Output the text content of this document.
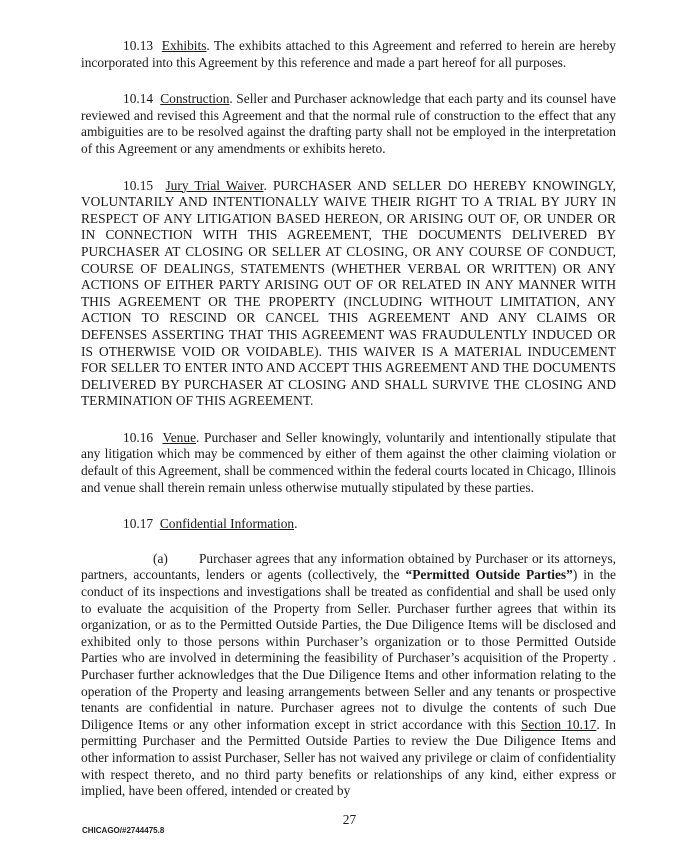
10.13 Exhibits. The exhibits attached to this Agreement and referred to herein are hereby incorporated into this Agreement by this reference and made a part hereof for all purposes.

10.14 Construction. Seller and Purchaser acknowledge that each party and its counsel have reviewed and revised this Agreement and that the normal rule of construction to the effect that any ambiguities are to be resolved against the drafting party shall not be employed in the interpretation of this Agreement or any amendments or exhibits hereto.

10.15 Jury Trial Waiver. PURCHASER AND SELLER DO HEREBY KNOWINGLY, VOLUNTARILY AND INTENTIONALLY WAIVE THEIR RIGHT TO A TRIAL BY JURY IN RESPECT OF ANY LITIGATION BASED HEREON, OR ARISING OUT OF, OR UNDER OR IN CONNECTION WITH THIS AGREEMENT, THE DOCUMENTS DELIVERED BY PURCHASER AT CLOSING OR SELLER AT CLOSING, OR ANY COURSE OF CONDUCT, COURSE OF DEALINGS, STATEMENTS (WHETHER VERBAL OR WRITTEN) OR ANY ACTIONS OF EITHER PARTY ARISING OUT OF OR RELATED IN ANY MANNER WITH THIS AGREEMENT OR THE PROPERTY (INCLUDING WITHOUT LIMITATION, ANY ACTION TO RESCIND OR CANCEL THIS AGREEMENT AND ANY CLAIMS OR DEFENSES ASSERTING THAT THIS AGREEMENT WAS FRAUDULENTLY INDUCED OR IS OTHERWISE VOID OR VOIDABLE). THIS WAIVER IS A MATERIAL INDUCEMENT FOR SELLER TO ENTER INTO AND ACCEPT THIS AGREEMENT AND THE DOCUMENTS DELIVERED BY PURCHASER AT CLOSING AND SHALL SURVIVE THE CLOSING AND TERMINATION OF THIS AGREEMENT.

10.16 Venue. Purchaser and Seller knowingly, voluntarily and intentionally stipulate that any litigation which may be commenced by either of them against the other claiming violation or default of this Agreement, shall be commenced within the federal courts located in Chicago, Illinois and venue shall therein remain unless otherwise mutually stipulated by these parties.

10.17 Confidential Information.

(a) Purchaser agrees that any information obtained by Purchaser or its attorneys, partners, accountants, lenders or agents (collectively, the “Permitted Outside Parties”) in the conduct of its inspections and investigations shall be treated as confidential and shall be used only to evaluate the acquisition of the Property from Seller. Purchaser further agrees that within its organization, or as to the Permitted Outside Parties, the Due Diligence Items will be disclosed and exhibited only to those persons within Purchaser’s organization or to those Permitted Outside Parties who are involved in determining the feasibility of Purchaser’s acquisition of the Property . Purchaser further acknowledges that the Due Diligence Items and other information relating to the operation of the Property and leasing arrangements between Seller and any tenants or prospective tenants are confidential in nature. Purchaser agrees not to divulge the contents of such Due Diligence Items or any other information except in strict accordance with this Section 10.17. In permitting Purchaser and the Permitted Outside Parties to review the Due Diligence Items and other information to assist Purchaser, Seller has not waived any privilege or claim of confidentiality with respect thereto, and no third party benefits or relationships of any kind, either express or implied, have been offered, intended or created by

27
CHICAGO/#2744475.8
